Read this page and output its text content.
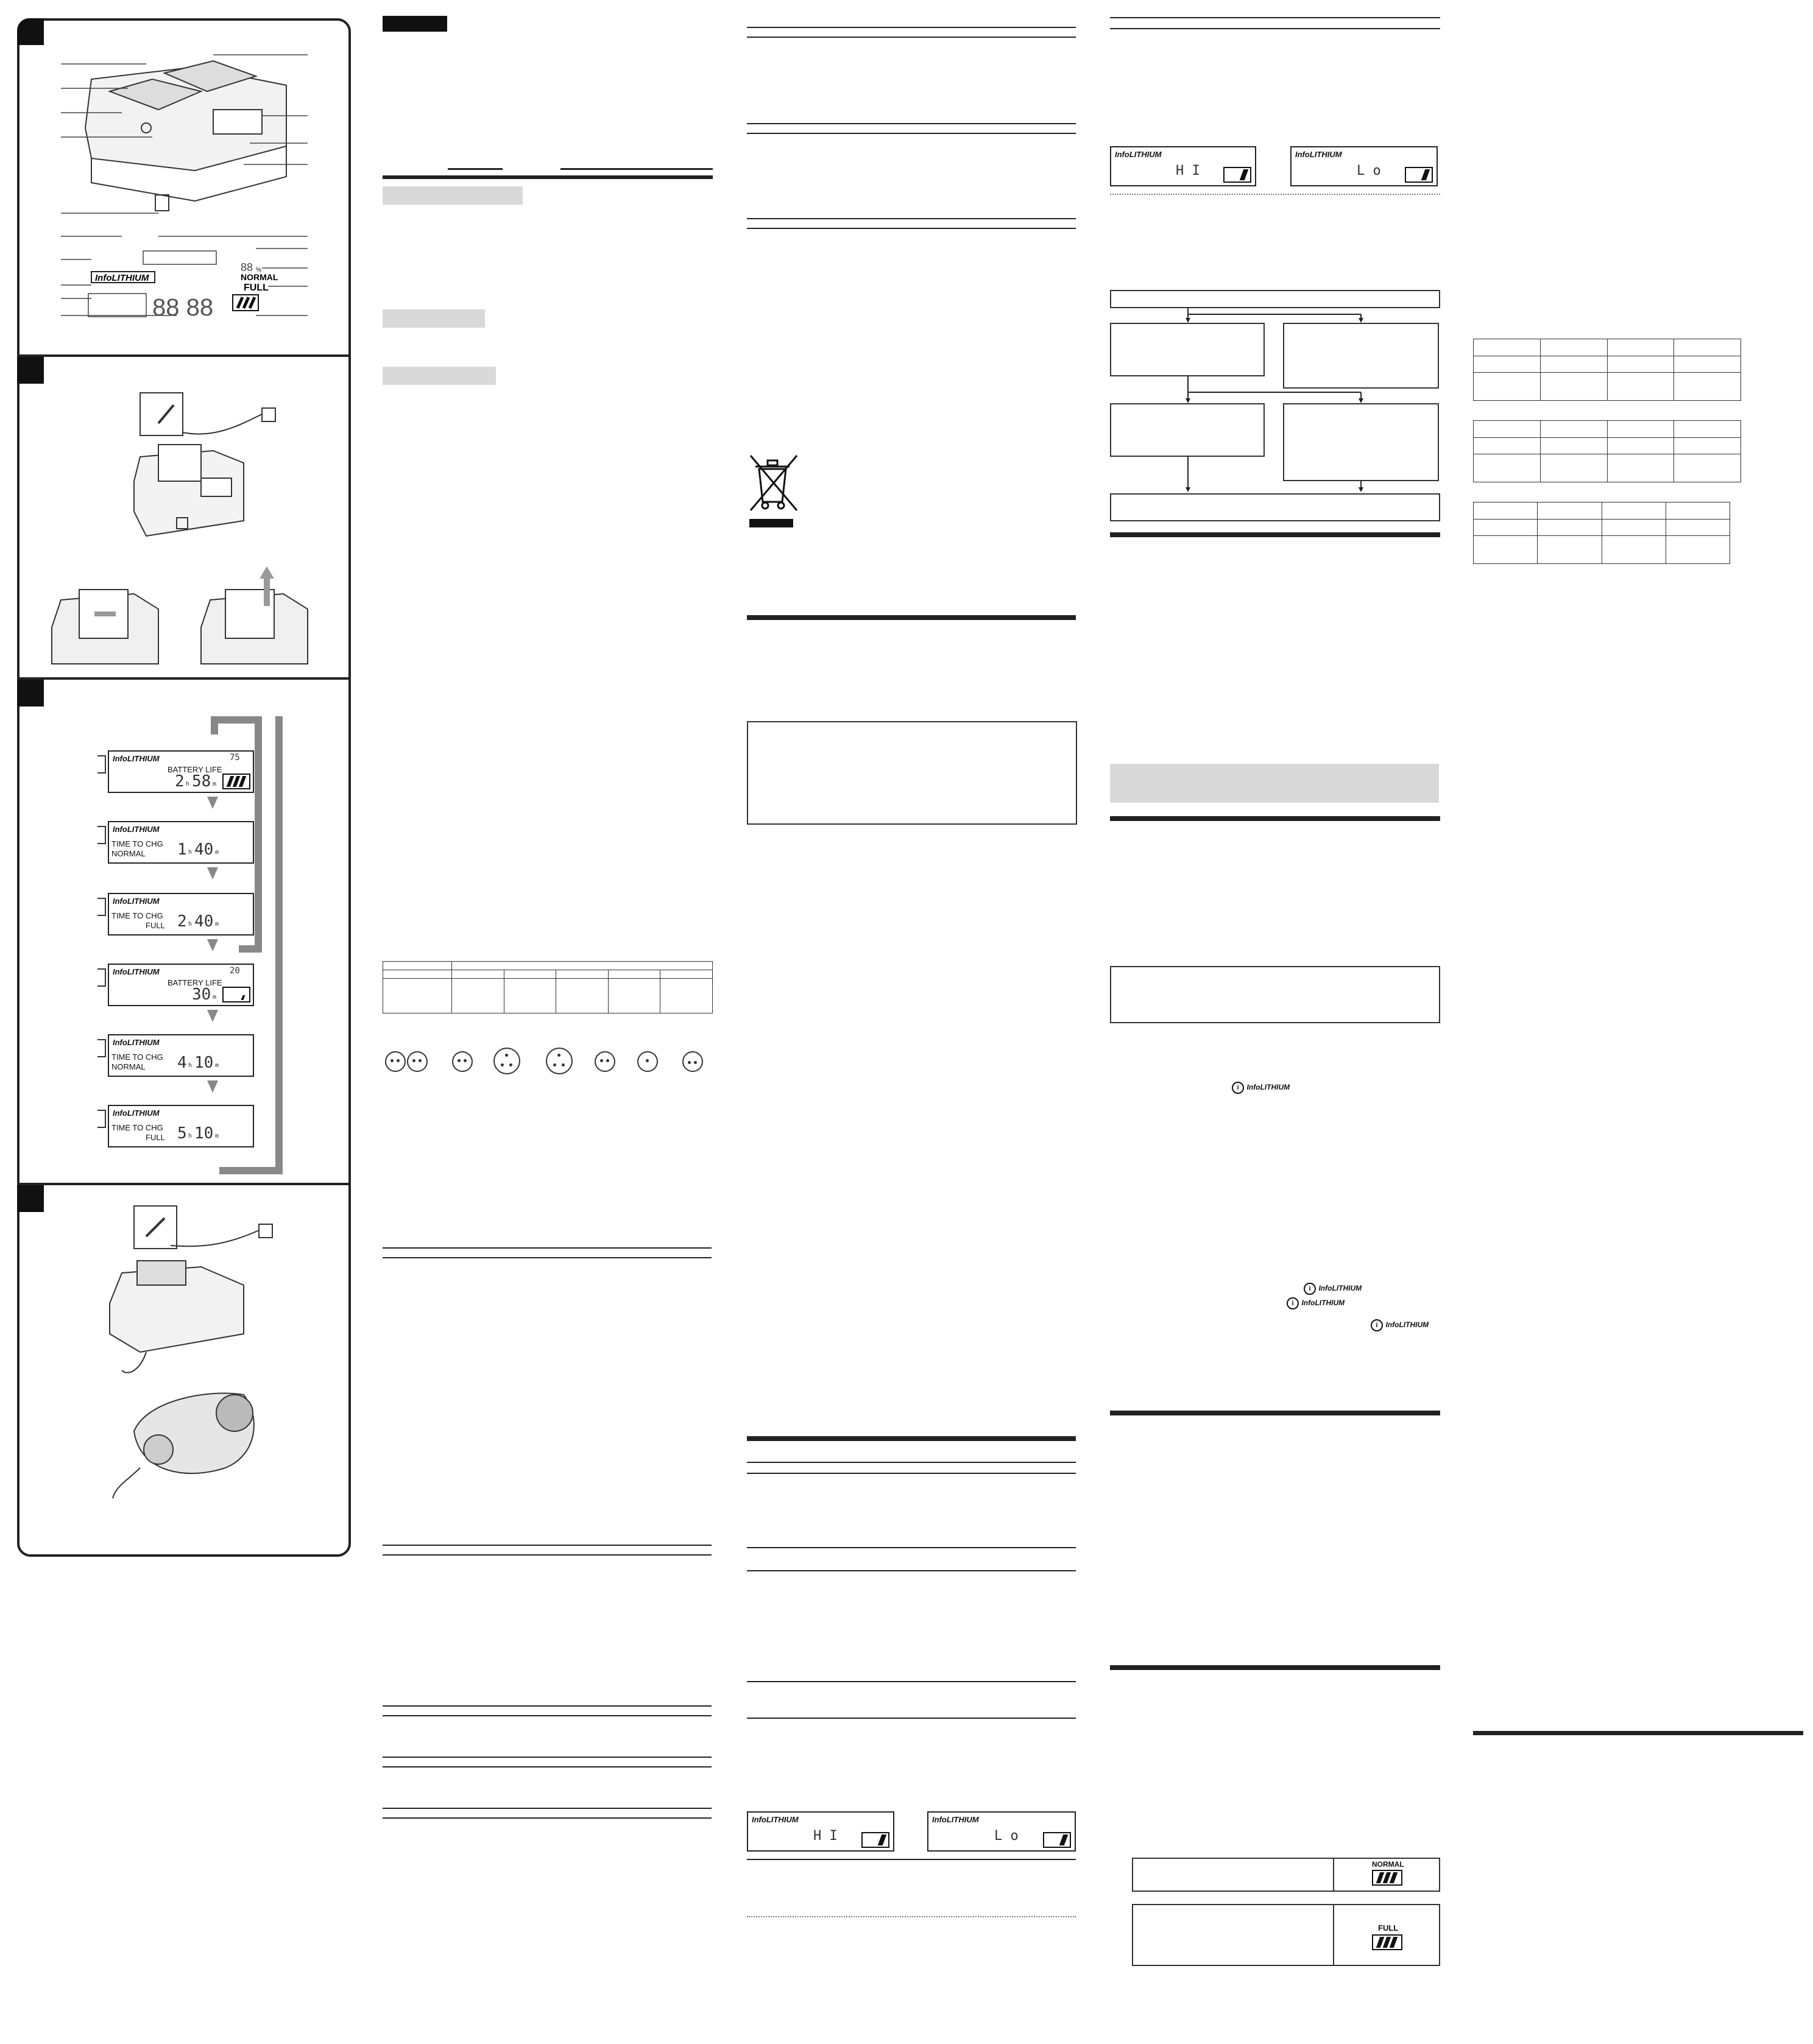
InfoLITHIUM	NORMAL
FULL
88 %
88 88
InfoLITHIUM
BATTERY LIFE
75
2 h 58 m
InfoLITHIUM
TIME TO CHG
NORMAL 1 h 40 m
InfoLITHIUM
TIME TO CHG
FULL 2 h 40 m
InfoLITHIUM
BATTERY LIFE
20
30 m
InfoLITHIUM
TIME TO CHG
NORMAL 4 h 10 m
InfoLITHIUM
TIME TO CHG
FULL 5 h 10 m

InfoLITHIUM
H I
InfoLITHIUM
L o
InfoLITHIUM
H I
InfoLITHIUM
L o
i InfoLITHIUM
i InfoLITHIUM
i InfoLITHIUM
i InfoLITHIUM
NORMAL
FULL
